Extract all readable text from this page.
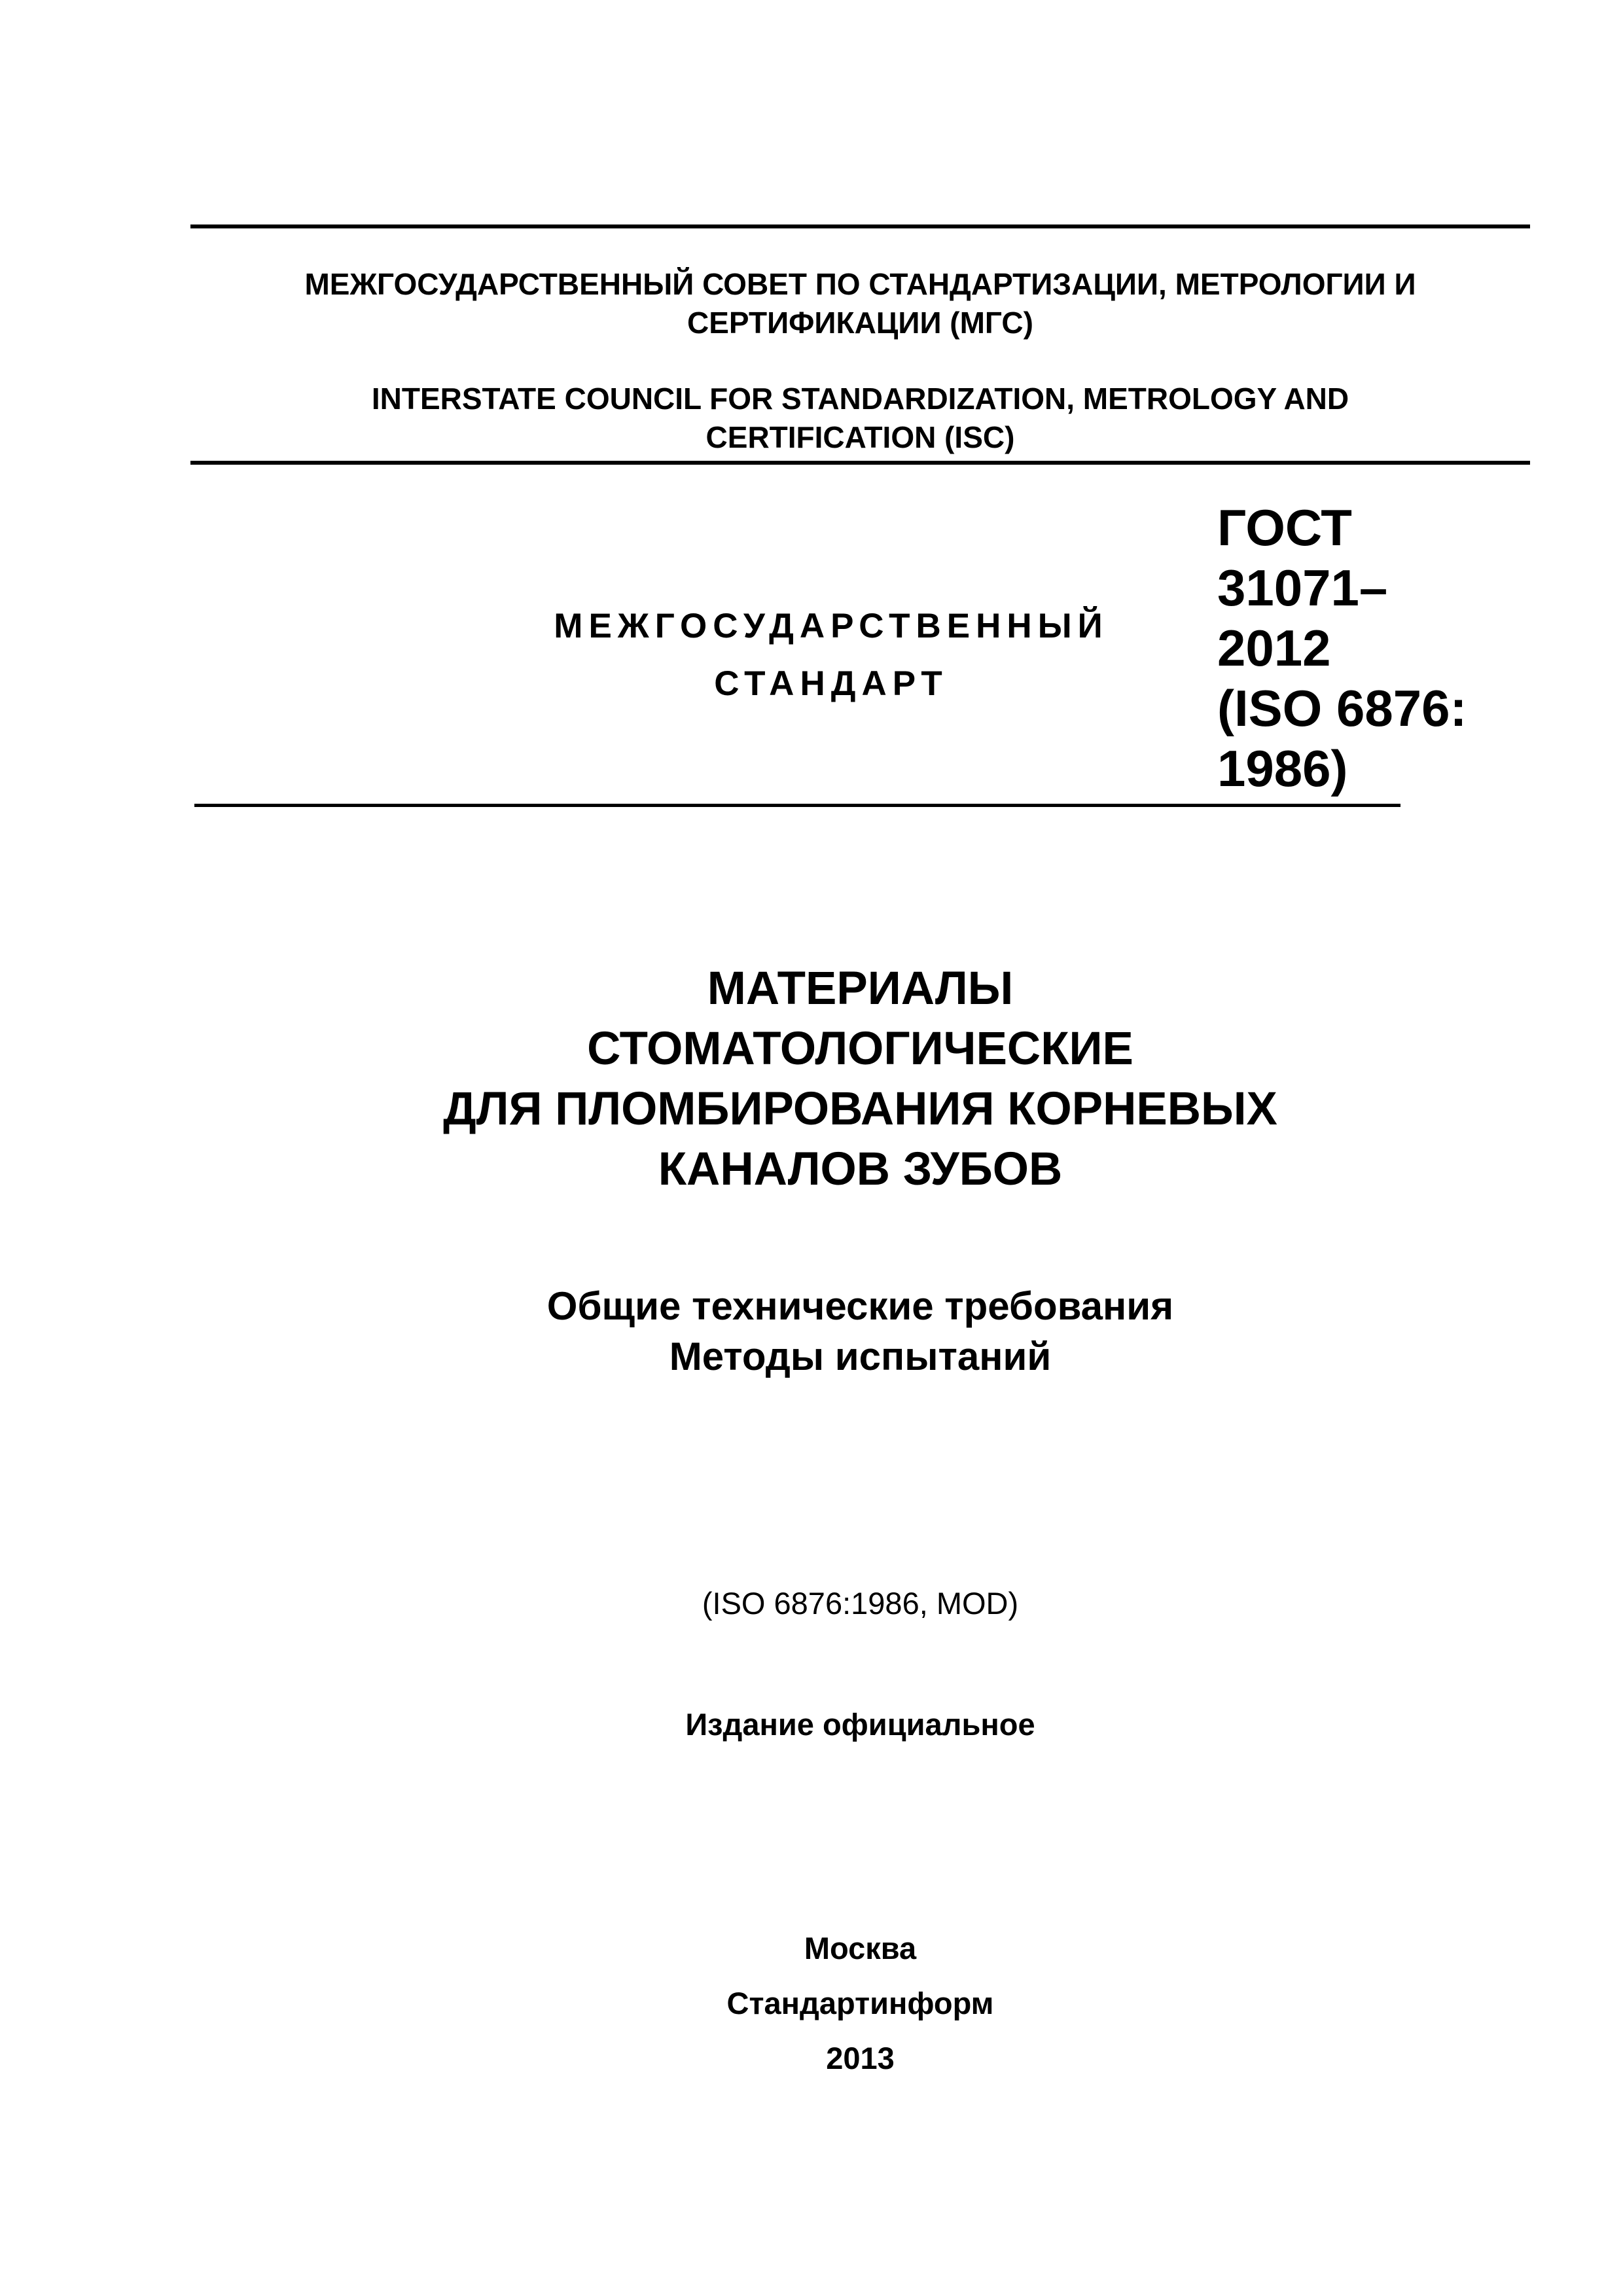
МЕЖГОСУДАРСТВЕННЫЙ СОВЕТ ПО СТАНДАРТИЗАЦИИ, МЕТРОЛОГИИ И
СЕРТИФИКАЦИИ (МГС)
INTERSTATE COUNCIL FOR STANDARDIZATION, METROLOGY AND
CERTIFICATION (ISC)
МЕЖГОСУДАРСТВЕННЫЙ
СТАНДАРТ
ГОСТ
31071–
2012
(ISO 6876:
1986)
МАТЕРИАЛЫ
СТОМАТОЛОГИЧЕСКИЕ
ДЛЯ ПЛОМБИРОВАНИЯ КОРНЕВЫХ
КАНАЛОВ ЗУБОВ
Общие технические требования
Методы испытаний
(ISO 6876:1986, MOD)
Издание официальное
Москва
Стандартинформ
2013
